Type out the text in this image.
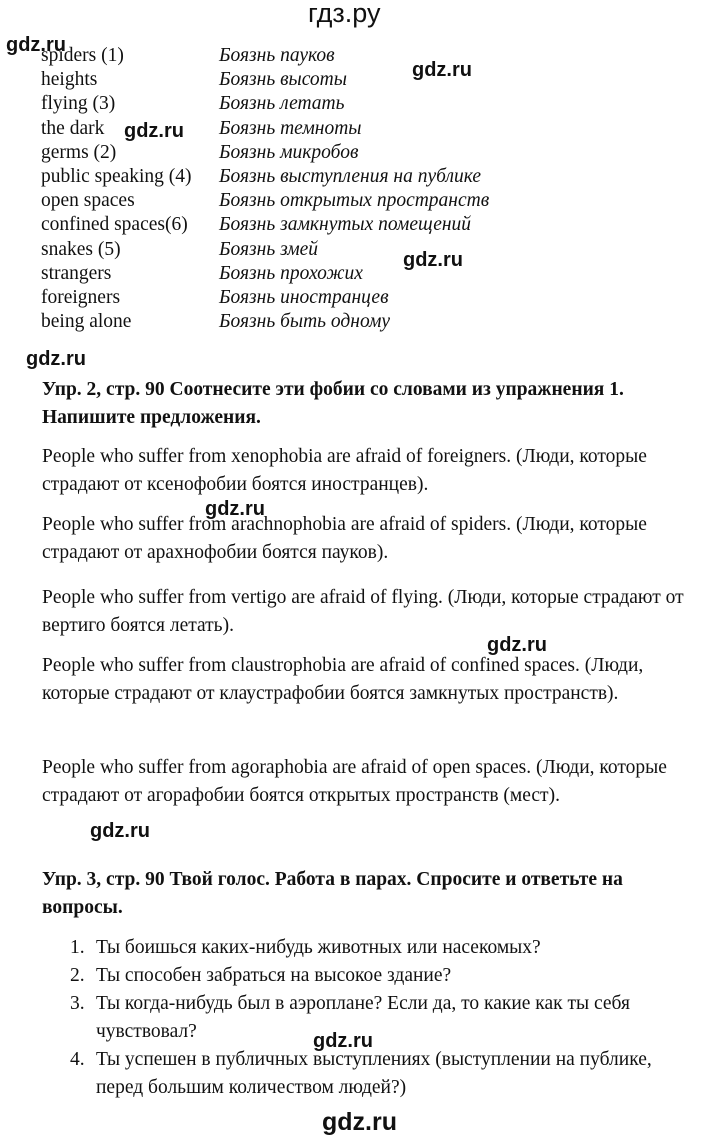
гдз.ру
gdz.ru
gdz.ru
gdz.ru
gdz.ru
gdz.ru
gdz.ru
gdz.ru
gdz.ru
gdz.ru
gdz.ru
spiders (1)	Боязнь пауков
heights	Боязнь высоты
flying (3)	Боязнь летать
the dark	Боязнь темноты
germs (2)	Боязнь микробов
public speaking (4) Боязнь выступления на публике
open spaces	Боязнь открытых пространств
confined spaces(6) Боязнь замкнутых помещений
snakes (5)	Боязнь змей
strangers	Боязнь прохожих
foreigners	Боязнь иностранцев
being alone	Боязнь быть одному
Упр. 2, стр. 90 Соотнесите эти фобии со словами из упражнения 1. Напишите предложения.
People who suffer from xenophobia are afraid of foreigners. (Люди, которые страдают от ксенофобии боятся иностранцев).
People who suffer from arachnophobia are afraid of spiders. (Люди, которые страдают от арахнофобии боятся пауков).
People who suffer from vertigo are afraid of flying. (Люди, которые страдают от вертиго боятся летать).
People who suffer from claustrophobia are afraid of confined spaces. (Люди, которые страдают от клаустрафобии боятся замкнутых пространств).
People who suffer from agoraphobia are afraid of open spaces. (Люди, которые страдают от агорафобии боятся открытых пространств (мест).
Упр. 3, стр. 90 Твой голос. Работа в парах. Спросите и ответьте на вопросы.
1. Ты боишься каких-нибудь животных или насекомых?
2. Ты способен забраться на высокое здание?
3. Ты когда-нибудь был в аэроплане? Если да, то какие как ты себя чувствовал?
4. Ты успешен в публичных выступлениях (выступлении на публике, перед большим количеством людей?)
